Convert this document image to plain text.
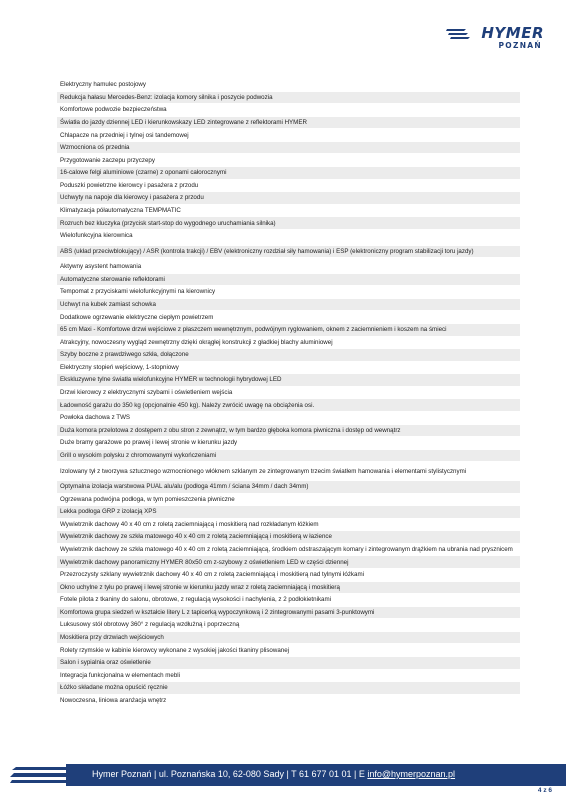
HYMER
POZNAŃ
Elektryczny hamulec postojowy
Redukcja hałasu Mercedes-Benz: izolacja komory silnika i poszycie podwozia
Komfortowe podwozie bezpieczeństwa
Światła do jazdy dziennej LED i kierunkowskazy LED zintegrowane z reflektorami HYMER
Chlapacze na przedniej i tylnej osi tandemowej
Wzmocniona oś przednia
Przygotowanie zaczepu przyczepy
16-calowe felgi aluminiowe (czarne) z oponami całorocznymi
Poduszki powietrzne kierowcy i pasażera z przodu
Uchwyty na napoje dla kierowcy i pasażera z przodu
Klimatyzacja półautomatyczna TEMPMATIC
Rozruch bez kluczyka (przycisk start-stop do wygodnego uruchamiania silnika)
Wielofunkcyjna kierownica
ABS (układ przeciwblokujący) / ASR (kontrola trakcji) / EBV (elektroniczny rozdział siły hamowania) i ESP (elektroniczny program stabilizacji toru jazdy)
Aktywny asystent hamowania
Automatyczne sterowanie reflektorami
Tempomat z przyciskami wielofunkcyjnymi na kierownicy
Uchwyt na kubek zamiast schowka
Dodatkowe ogrzewanie elektryczne ciepłym powietrzem
65 cm Maxi - Komfortowe drzwi wejściowe z płaszczem wewnętrznym, podwójnym ryglowaniem, oknem z zaciemnieniem i koszem na śmieci
Atrakcyjny, nowoczesny wygląd zewnętrzny dzięki okrągłej konstrukcji z gładkiej blachy aluminiowej
Szyby boczne z prawdziwego szkła, dołączone
Elektryczny stopień wejściowy, 1-stopniowy
Ekskluzywne tylne światła wielofunkcyjne HYMER w technologii hybrydowej LED
Drzwi kierowcy z elektrycznymi szybami i oświetleniem wejścia
Ładowność garażu do 350 kg (opcjonalnie 450 kg). Należy zwrócić uwagę na obciążenia osi.
Powłoka dachowa z TWS
Duża komora przelotowa z dostępem z obu stron z zewnątrz, w tym bardzo głęboka komora piwniczna i dostęp od wewnątrz
Duże bramy garażowe po prawej i lewej stronie w kierunku jazdy
Grill o wysokim połysku z chromowanymi wykończeniami
Izolowany tył z tworzywa sztucznego wzmocnionego włóknem szklanym ze zintegrowanym trzecim światłem hamowania i elementami stylistycznymi
Optymalna izolacja warstwowa PUAL alu/alu (podłoga 41mm / ściana 34mm / dach 34mm)
Ogrzewana podwójna podłoga, w tym pomieszczenia piwniczne
Lekka podłoga GRP z izolacją XPS
Wywietrznik dachowy 40 x 40 cm z roletą zaciemniającą i moskitierą nad rozkładanym łóżkiem
Wywietrznik dachowy ze szkła matowego 40 x 40 cm z roletą zaciemniającą i moskitierą w łazience
Wywietrznik dachowy ze szkła matowego 40 x 40 cm z roletą zaciemniającą, środkiem odstraszającym komary i zintegrowanym drążkiem na ubrania nad prysznicem
Wywietrznik dachowy panoramiczny HYMER 80x50 cm z-szybowy z oświetleniem LED w części dziennej
Przezroczysty szklany wywietrznik dachowy 40 x 40 cm z roletą zaciemniającą i moskitierą nad tylnymi łóżkami
Okno uchylne z tyłu po prawej i lewej stronie w kierunku jazdy wraz z roletą zaciemniającą i moskitierą
Fotele pilota z tkaniny do salonu, obrotowe, z regulacją wysokości i nachylenia, z 2 podłokietnikami
Komfortowa grupa siedzeń w kształcie litery L z tapicerką wypoczynkową i 2 zintegrowanymi pasami 3-punktowymi
Luksusowy stół obrotowy 360° z regulacją wzdłużną i poprzeczną
Moskitiera przy drzwiach wejściowych
Rolety rzymskie w kabinie kierowcy wykonane z wysokiej jakości tkaniny plisowanej
Salon i sypialnia oraz oświetlenie
Integracja funkcjonalna w elementach mebli
Łóżko składane można opuścić ręcznie
Nowoczesna, liniowa aranżacja wnętrz
Hymer Poznań | ul. Poznańska 10, 62-080 Sady | T 61 677 01 01 | E info@hymerpoznan.pl
4 z 6
